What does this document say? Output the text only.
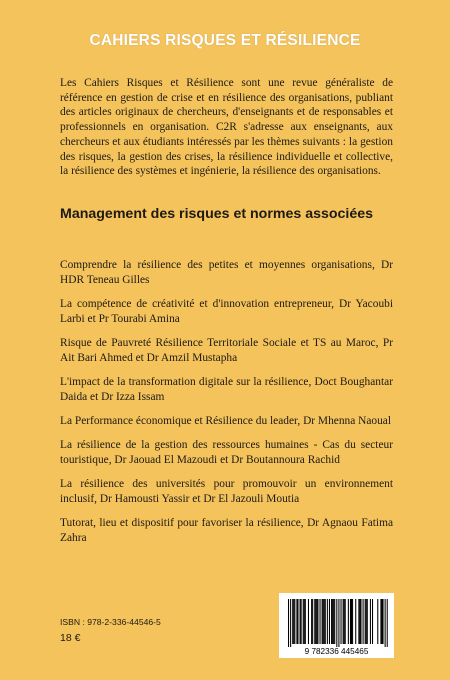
CAHIERS RISQUES ET RÉSILIENCE

Les Cahiers Risques et Résilience sont une revue généraliste de référence en gestion de crise et en résilience des organisations, publiant des articles originaux de chercheurs, d'enseignants et de responsables et professionnels en organisation. C2R s'adresse aux enseignants, aux chercheurs et aux étudiants intéressés par les thèmes suivants : la gestion des risques, la gestion des crises, la résilience individuelle et collective, la résilience des systèmes et ingénierie, la résilience des organisations.

Management des risques et normes associées
Comprendre la résilience des petites et moyennes organisations, Dr HDR Teneau Gilles
La compétence de créativité et d'innovation entrepreneur, Dr Yacoubi Larbi et Pr Tourabi Amina
Risque de Pauvreté Résilience Territoriale Sociale et TS au Maroc, Pr Ait Bari Ahmed et Dr Amzil Mustapha
L'impact de la transformation digitale sur la résilience, Doct Boughantar Daida et Dr Izza Issam
La Performance économique et Résilience du leader, Dr Mhenna Naoual
La résilience de la gestion des ressources humaines - Cas du secteur touristique, Dr Jaouad El Mazoudi et Dr Boutannoura Rachid
La résilience des universités pour promouvoir un environnement inclusif, Dr Hamousti Yassir et Dr El Jazouli Moutia
Tutorat, lieu et dispositif pour favoriser la résilience, Dr Agnaou Fatima Zahra

ISBN : 978-2-336-44546-5

18 €

9 782336 445465
